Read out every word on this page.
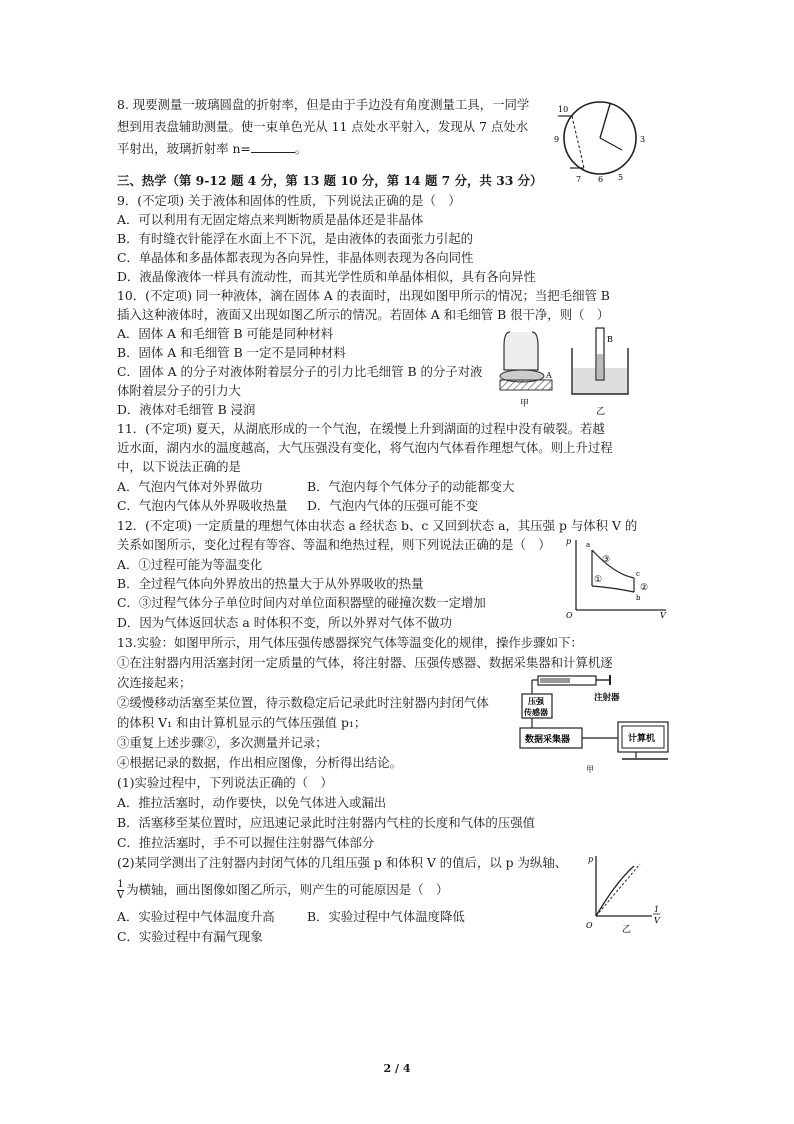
8. 现要测量一玻璃圆盘的折射率，但是由于手边没有角度测量工具，一同学
想到用表盘辅助测量。使一束单色光从 11 点处水平射入，发现从 7 点处水
平射出，玻璃折射率 n=	。
10
9	3
7 6 5
三、热学（第 9-12 题 4 分，第 13 题 10 分，第 14 题 7 分，共 33 分）
9．(不定项) 关于液体和固体的性质，下列说法正确的是（　）
A．可以利用有无固定熔点来判断物质是晶体还是非晶体
B．有时缝衣针能浮在水面上不下沉，是由液体的表面张力引起的
C．单晶体和多晶体都表现为各向异性，非晶体则表现为各向同性
D．液晶像液体一样具有流动性，而其光学性质和单晶体相似，具有各向异性
10．(不定项) 同一种液体，滴在固体 A 的表面时，出现如图甲所示的情况；当把毛细管 B
插入这种液体时，液面又出现如图乙所示的情况。若固体 A 和毛细管 B 很干净，则（　）
A．固体 A 和毛细管 B 可能是同种材料
B．固体 A 和毛细管 B 一定不是同种材料
C．固体 A 的分子对液体附着层分子的引力比毛细管 B 的分子对液
体附着层分子的引力大
D．液体对毛细管 B 浸润
A
甲
B
乙
11．(不定项) 夏天，从湖底形成的一个气泡，在缓慢上升到湖面的过程中没有破裂。若越
近水面，湖内水的温度越高，大气压强没有变化，将气泡内气体看作理想气体。则上升过程
中，以下说法正确的是
A．气泡内气体对外界做功	B．气泡内每个气体分子的动能都变大
C．气泡内气体从外界吸收热量 D．气泡内气体的压强可能不变
12．(不定项) 一定质量的理想气体由状态 a 经状态 b、c 又回到状态 a，其压强 p 与体积 V 的
关系如图所示，变化过程有等容、等温和绝热过程，则下列说法正确的是（　）
A．①过程可能为等温变化
B．全过程气体向外界放出的热量大于从外界吸收的热量
C．③过程气体分子单位时间内对单位面积器壁的碰撞次数一定增加
D．因为气体返回状态 a 时体积不变，所以外界对气体不做功
p
V
O
a
c
b
①
③
②
13.实验：如图甲所示，用气体压强传感器探究气体等温变化的规律，操作步骤如下：
①在注射器内用活塞封闭一定质量的气体，将注射器、压强传感器、数据采集器和计算机逐
次连接起来；
②缓慢移动活塞至某位置，待示数稳定后记录此时注射器内封闭气体
的体积 V₁ 和由计算机显示的气体压强值 p₁；
③重复上述步骤②，多次测量并记录；
④根据记录的数据，作出相应图像，分析得出结论。
(1)实验过程中，下列说法正确的（　）
A．推拉活塞时，动作要快，以免气体进入或漏出
B．活塞移至某位置时，应迅速记录此时注射器内气柱的长度和气体的压强值
C．推拉活塞时，手不可以握住注射器气体部分
(2)某同学测出了注射器内封闭气体的几组压强 p 和体积 V 的值后，以 p 为纵轴、
$\frac{1}{V}$ 为横轴，画出图像如图乙所示，则产生的可能原因是（　）
A．实验过程中气体温度升高	B．实验过程中气体温度降低
C．实验过程中有漏气现象
注射器
压强
传感器
数据采集器	计算机
甲
p
O
1
V
乙
2 / 4
